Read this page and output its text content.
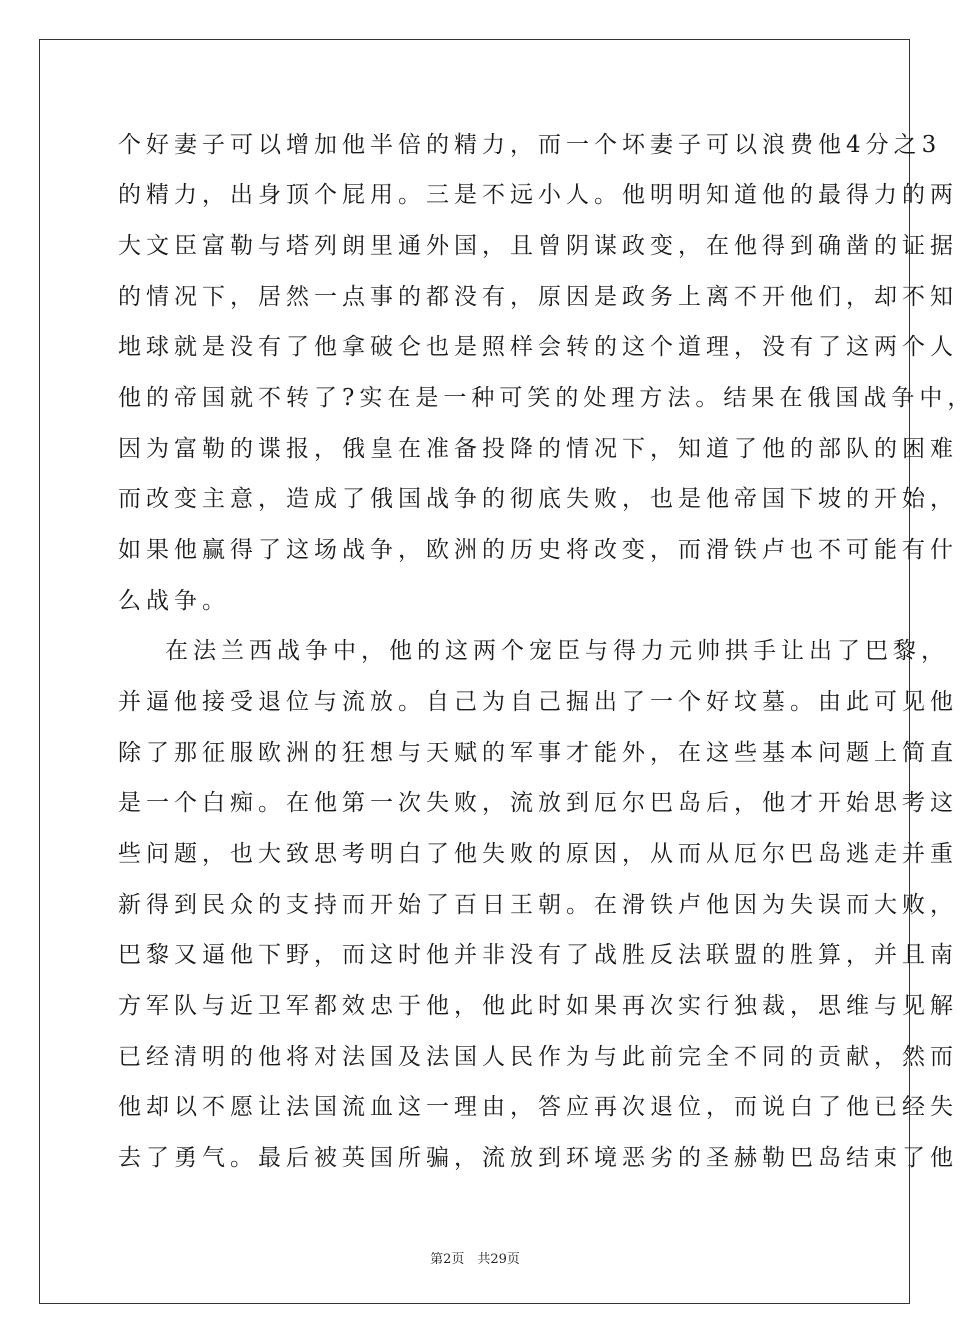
个好妻子可以增加他半倍的精力，而一个坏妻子可以浪费他4分之3
的精力，出身顶个屁用。三是不远小人。他明明知道他的最得力的两
大文臣富勒与塔列朗里通外国，且曾阴谋政变，在他得到确凿的证据
的情况下，居然一点事的都没有，原因是政务上离不开他们，却不知
地球就是没有了他拿破仑也是照样会转的这个道理，没有了这两个人
他的帝国就不转了?实在是一种可笑的处理方法。结果在俄国战争中，
因为富勒的谍报，俄皇在准备投降的情况下，知道了他的部队的困难
而改变主意，造成了俄国战争的彻底失败，也是他帝国下坡的开始，
如果他赢得了这场战争，欧洲的历史将改变，而滑铁卢也不可能有什
么战争。
在法兰西战争中，他的这两个宠臣与得力元帅拱手让出了巴黎，
并逼他接受退位与流放。自己为自己掘出了一个好坟墓。由此可见他
除了那征服欧洲的狂想与天赋的军事才能外，在这些基本问题上简直
是一个白痴。在他第一次失败，流放到厄尔巴岛后，他才开始思考这
些问题，也大致思考明白了他失败的原因，从而从厄尔巴岛逃走并重
新得到民众的支持而开始了百日王朝。在滑铁卢他因为失误而大败，
巴黎又逼他下野，而这时他并非没有了战胜反法联盟的胜算，并且南
方军队与近卫军都效忠于他，他此时如果再次实行独裁，思维与见解
已经清明的他将对法国及法国人民作为与此前完全不同的贡献，然而
他却以不愿让法国流血这一理由，答应再次退位，而说白了他已经失
去了勇气。最后被英国所骗，流放到环境恶劣的圣赫勒巴岛结束了他
第2页　共29页
